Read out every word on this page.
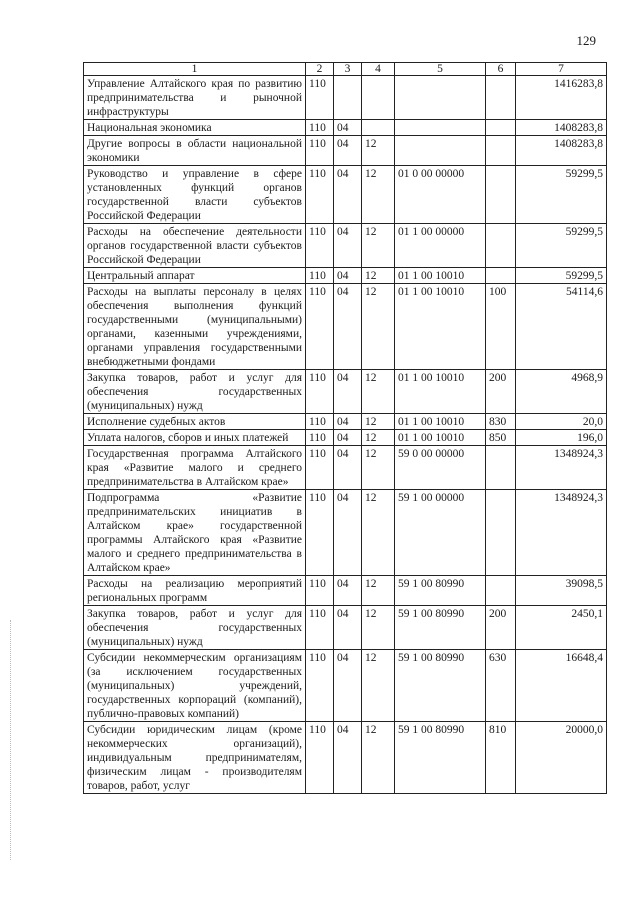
129
1	2	3	4	5	6	7
Управление Алтайского края по развитию предпринимательства и рыночной инфраструктуры	110					1416283,8
Национальная экономика	110	04				1408283,8
Другие вопросы в области национальной экономики	110	04	12			1408283,8
Руководство и управление в сфере установленных функций органов государственной власти субъектов Российской Федерации	110	04	12	01 0 00 00000		59299,5
Расходы на обеспечение деятельности органов государственной власти субъектов Российской Федерации	110	04	12	01 1 00 00000		59299,5
Центральный аппарат	110	04	12	01 1 00 10010		59299,5
Расходы на выплаты персоналу в целях обеспечения выполнения функций государственными (муниципальными) органами, казенными учреждениями, органами управления государственными внебюджетными фондами	110	04	12	01 1 00 10010	100	54114,6
Закупка товаров, работ и услуг для обеспечения государственных (муниципальных) нужд	110	04	12	01 1 00 10010	200	4968,9
Исполнение судебных актов	110	04	12	01 1 00 10010	830	20,0
Уплата налогов, сборов и иных платежей	110	04	12	01 1 00 10010	850	196,0
Государственная программа Алтайского края «Развитие малого и среднего предпринимательства в Алтайском крае»	110	04	12	59 0 00 00000		1348924,3
Подпрограмма «Развитие предпринимательских инициатив в Алтайском крае» государственной программы Алтайского края «Развитие малого и среднего предпринимательства в Алтайском крае»	110	04	12	59 1 00 00000		1348924,3
Расходы на реализацию мероприятий региональных программ	110	04	12	59 1 00 80990		39098,5
Закупка товаров, работ и услуг для обеспечения государственных (муниципальных) нужд	110	04	12	59 1 00 80990	200	2450,1
Субсидии некоммерческим организациям (за исключением государственных (муниципальных) учреждений, государственных корпораций (компаний), публично-правовых компаний)	110	04	12	59 1 00 80990	630	16648,4
Субсидии юридическим лицам (кроме некоммерческих организаций), индивидуальным предпринимателям, физическим лицам - производителям товаров, работ, услуг	110	04	12	59 1 00 80990	810	20000,0
